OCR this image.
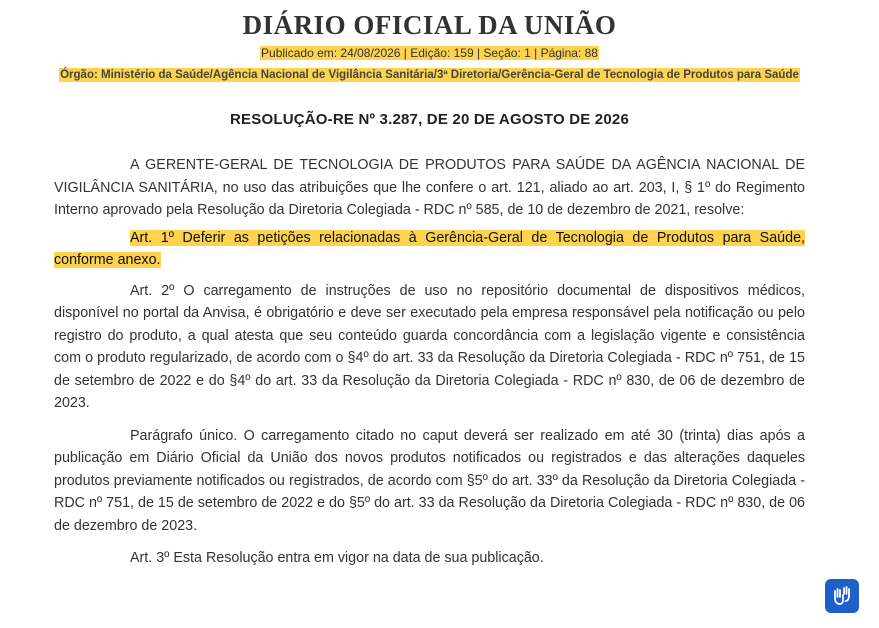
DIÁRIO OFICIAL DA UNIÃO
Publicado em: 24/08/2026 | Edição: 159 | Seção: 1 | Página: 88
Órgão: Ministério da Saúde/Agência Nacional de Vigilância Sanitária/3ª Diretoria/Gerência-Geral de Tecnologia de Produtos para Saúde
RESOLUÇÃO-RE Nº 3.287, DE 20 DE AGOSTO DE 2026

A GERENTE-GERAL DE TECNOLOGIA DE PRODUTOS PARA SAÚDE DA AGÊNCIA NACIONAL DE VIGILÂNCIA SANITÁRIA, no uso das atribuições que lhe confere o art. 121, aliado ao art. 203, I, § 1º do Regimento Interno aprovado pela Resolução da Diretoria Colegiada - RDC nº 585, de 10 de dezembro de 2021, resolve:

Art. 1º Deferir as petições relacionadas à Gerência-Geral de Tecnologia de Produtos para Saúde, conforme anexo.

Art. 2º O carregamento de instruções de uso no repositório documental de dispositivos médicos, disponível no portal da Anvisa, é obrigatório e deve ser executado pela empresa responsável pela notificação ou pelo registro do produto, a qual atesta que seu conteúdo guarda concordância com a legislação vigente e consistência com o produto regularizado, de acordo com o §4º do art. 33 da Resolução da Diretoria Colegiada - RDC nº 751, de 15 de setembro de 2022 e do §4º do art. 33 da Resolução da Diretoria Colegiada - RDC nº 830, de 06 de dezembro de 2023.

Parágrafo único. O carregamento citado no caput deverá ser realizado em até 30 (trinta) dias após a publicação em Diário Oficial da União dos novos produtos notificados ou registrados e das alterações daqueles produtos previamente notificados ou registrados, de acordo com §5º do art. 33º da Resolução da Diretoria Colegiada - RDC nº 751, de 15 de setembro de 2022 e do §5º do art. 33 da Resolução da Diretoria Colegiada - RDC nº 830, de 06 de dezembro de 2023.

Art. 3º Esta Resolução entra em vigor na data de sua publicação.
